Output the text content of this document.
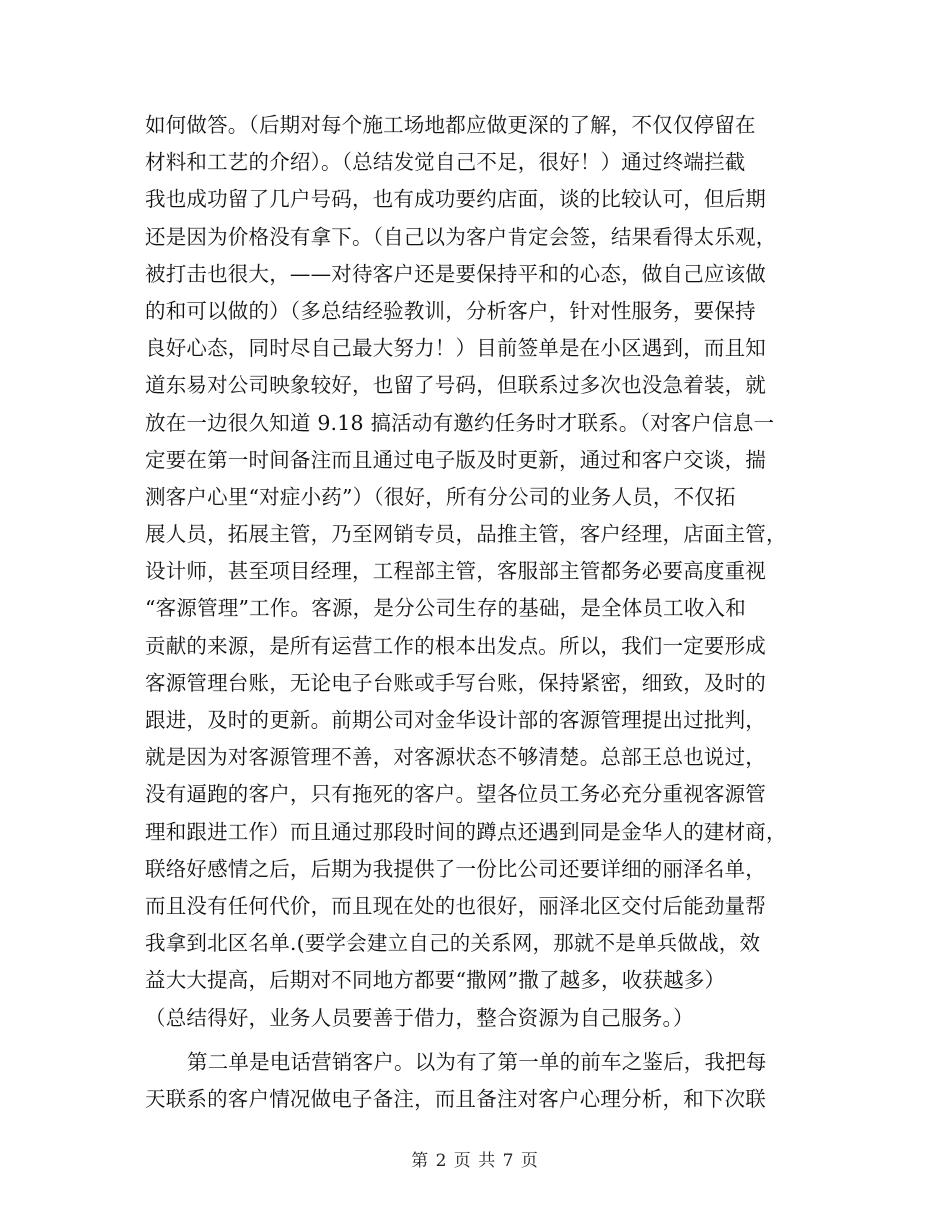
如何做答。（后期对每个施工场地都应做更深的了解，不仅仅停留在
材料和工艺的介绍）。（总结发觉自己不足，很好！）通过终端拦截
我也成功留了几户号码，也有成功要约店面，谈的比较认可，但后期
还是因为价格没有拿下。（自己以为客户肯定会签，结果看得太乐观，
被打击也很大，——对待客户还是要保持平和的心态，做自己应该做
的和可以做的）（多总结经验教训，分析客户，针对性服务，要保持
良好心态，同时尽自己最大努力！）目前签单是在小区遇到，而且知
道东易对公司映象较好，也留了号码，但联系过多次也没急着装，就
放在一边很久知道 9.18 搞活动有邀约任务时才联系。（对客户信息一
定要在第一时间备注而且通过电子版及时更新，通过和客户交谈，揣
测客户心里“对症小药”）（很好，所有分公司的业务人员，不仅拓
展人员，拓展主管，乃至网销专员，品推主管，客户经理，店面主管，
设计师，甚至项目经理，工程部主管，客服部主管都务必要高度重视
“客源管理”工作。客源，是分公司生存的基础，是全体员工收入和
贡献的来源，是所有运营工作的根本出发点。所以，我们一定要形成
客源管理台账，无论电子台账或手写台账，保持紧密，细致，及时的
跟进，及时的更新。前期公司对金华设计部的客源管理提出过批判，
就是因为对客源管理不善，对客源状态不够清楚。总部王总也说过，
没有逼跑的客户，只有拖死的客户。望各位员工务必充分重视客源管
理和跟进工作）而且通过那段时间的蹲点还遇到同是金华人的建材商，
联络好感情之后，后期为我提供了一份比公司还要详细的丽泽名单，
而且没有任何代价，而且现在处的也很好，丽泽北区交付后能劲量帮
我拿到北区名单.(要学会建立自己的关系网，那就不是单兵做战，效
益大大提高，后期对不同地方都要“撒网”撒了越多，收获越多）
（总结得好，业务人员要善于借力，整合资源为自己服务。）
第二单是电话营销客户。以为有了第一单的前车之鉴后，我把每
天联系的客户情况做电子备注，而且备注对客户心理分析，和下次联
第 2 页 共 7 页
